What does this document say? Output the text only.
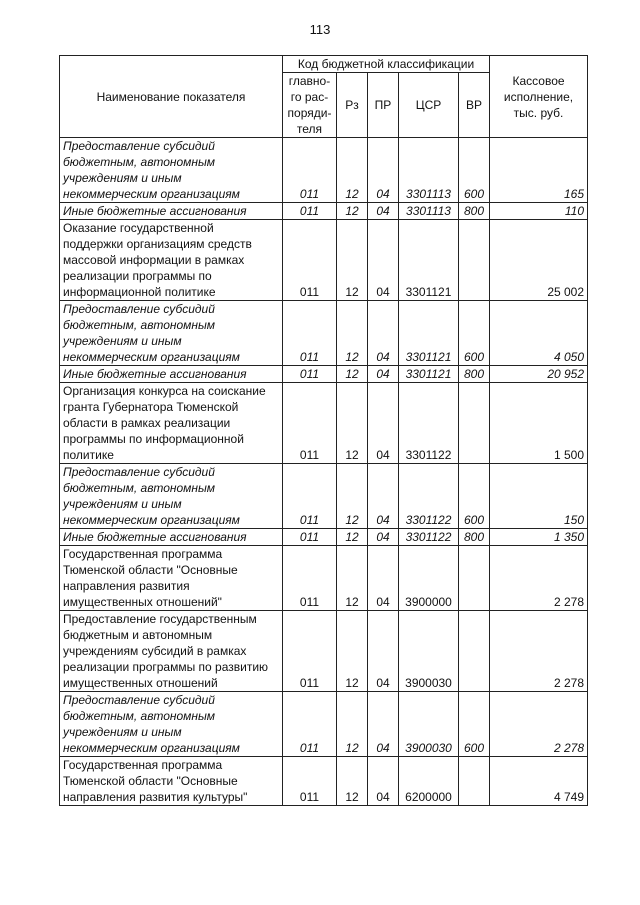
113
Наименование показателя	Код бюджетной классификации					Кассовое
исполнение,
тыс. руб.

	главно-
го рас-
поряди-
теля	Рз	ПР	ЦСР	ВР	

Предоставление субсидий
бюджетным, автономным
учреждениям и иным
некоммерческим организациям	011	12	04	3301113	600	165

Иные бюджетные ассигнования	011	12	04	3301113	800	110

Оказание государственной
поддержки организациям средств
массовой информации в рамках
реализации программы по
информационной политике	011	12	04	3301121		25 002

Предоставление субсидий
бюджетным, автономным
учреждениям и иным
некоммерческим организациям	011	12	04	3301121	600	4 050

Иные бюджетные ассигнования	011	12	04	3301121	800	20 952

Организация конкурса на соискание
гранта Губернатора Тюменской
области в рамках реализации
программы по информационной
политике	011	12	04	3301122		1 500

Предоставление субсидий
бюджетным, автономным
учреждениям и иным
некоммерческим организациям	011	12	04	3301122	600	150

Иные бюджетные ассигнования	011	12	04	3301122	800	1 350

Государственная программа
Тюменской области "Основные
направления развития
имущественных отношений"	011	12	04	3900000		2 278

Предоставление государственным
бюджетным и автономным
учреждениям субсидий в рамках
реализации программы по развитию
имущественных отношений	011	12	04	3900030		2 278

Предоставление субсидий
бюджетным, автономным
учреждениям и иным
некоммерческим организациям	011	12	04	3900030	600	2 278

Государственная программа
Тюменской области "Основные
направления развития культуры"	011	12	04	6200000		4 749
